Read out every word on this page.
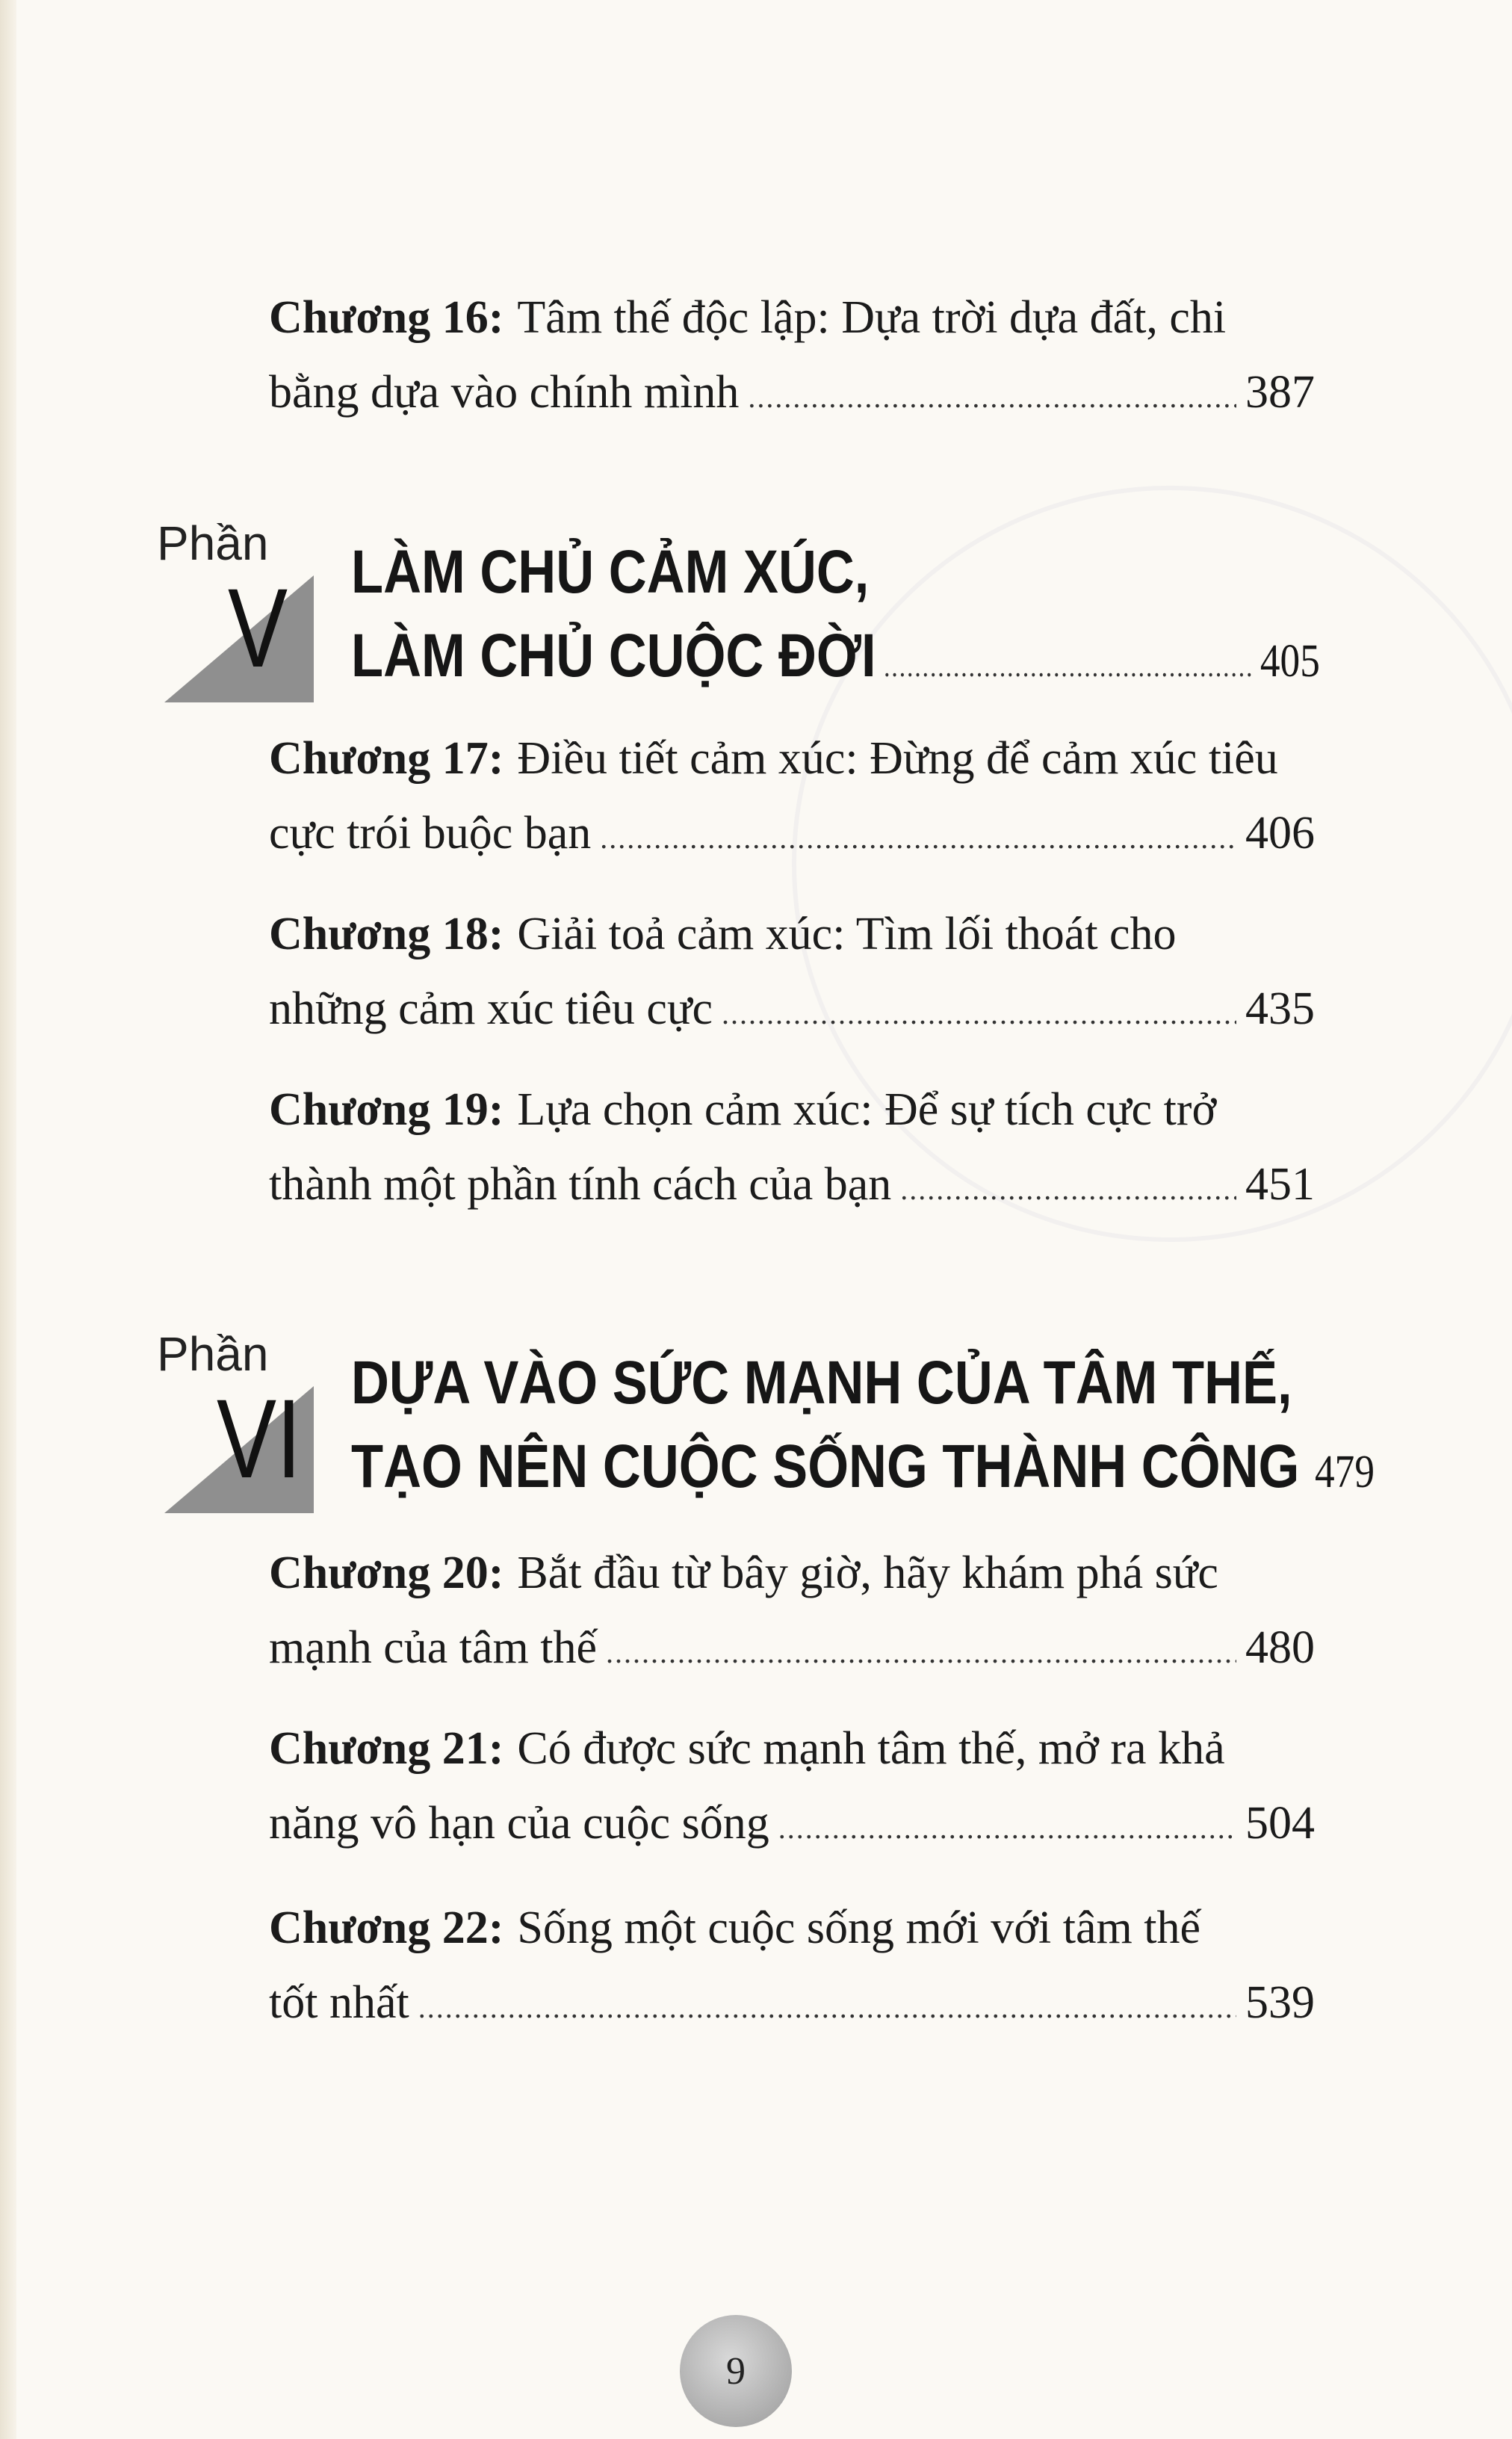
Chương 16: Tâm thế độc lập: Dựa trời dựa đất, chi
bằng dựa vào chính mình .....	387
Phần
V LÀM CHỦ CẢM XÚC,
LÀM CHỦ CUỘC ĐỜI .....	405
Chương 17: Điều tiết cảm xúc: Đừng để cảm xúc tiêu
cực trói buộc bạn .....	406
Chương 18: Giải toả cảm xúc: Tìm lối thoát cho
những cảm xúc tiêu cực .....	435
Chương 19: Lựa chọn cảm xúc: Để sự tích cực trở
thành một phần tính cách của bạn .....	451
Phần
VI DỰA VÀO SỨC MẠNH CỦA TÂM THẾ,
TẠO NÊN CUỘC SỐNG THÀNH CÔNG 479
Chương 20: Bắt đầu từ bây giờ, hãy khám phá sức
mạnh của tâm thế .....	480
Chương 21: Có được sức mạnh tâm thế, mở ra khả
năng vô hạn của cuộc sống .....	504
Chương 22: Sống một cuộc sống mới với tâm thế
tốt nhất .....	539
9
